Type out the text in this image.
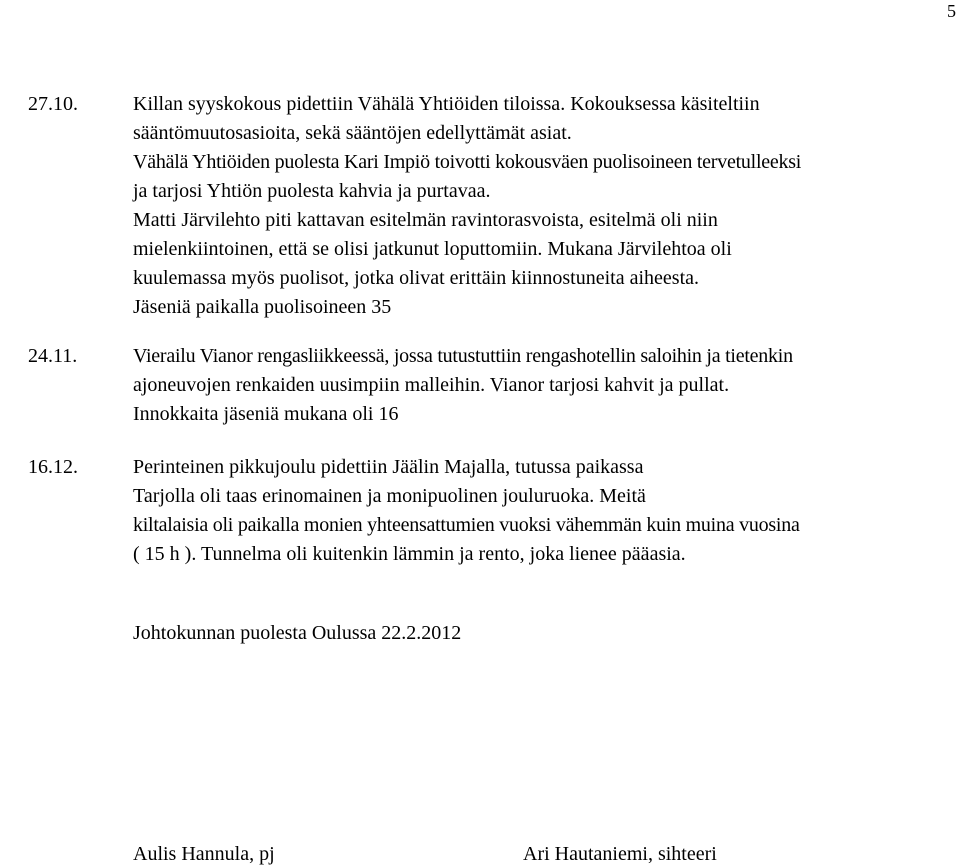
5
27.10.	Killan syyskokous pidettiin Vähälä Yhtiöiden tiloissa. Kokouksessa käsiteltiin
sääntömuutosasioita, sekä sääntöjen edellyttämät asiat.
Vähälä Yhtiöiden puolesta Kari Impiö toivotti kokousväen puolisoineen tervetulleeksi
ja tarjosi Yhtiön puolesta kahvia ja purtavaa.
Matti Järvilehto piti kattavan esitelmän ravintorasvoista, esitelmä oli niin
mielenkiintoinen, että se olisi jatkunut loputtomiin. Mukana Järvilehtoa oli
kuulemassa myös puolisot, jotka olivat erittäin kiinnostuneita aiheesta.
Jäseniä paikalla puolisoineen 35
24.11.	Vierailu Vianor rengasliikkeessä, jossa tutustuttiin rengashotellin saloihin ja tietenkin
ajoneuvojen renkaiden uusimpiin malleihin. Vianor tarjosi kahvit ja pullat.
Innokkaita jäseniä mukana oli 16
16.12.	Perinteinen pikkujoulu pidettiin Jäälin Majalla, tutussa paikassa
Tarjolla oli taas erinomainen ja monipuolinen jouluruoka. Meitä
kiltalaisia oli paikalla monien yhteensattumien vuoksi vähemmän kuin muina vuosina
( 15 h ). Tunnelma oli kuitenkin lämmin ja rento, joka lienee pääasia.
Johtokunnan puolesta Oulussa 22.2.2012
Aulis Hannula, pj	Ari Hautaniemi, sihteeri
